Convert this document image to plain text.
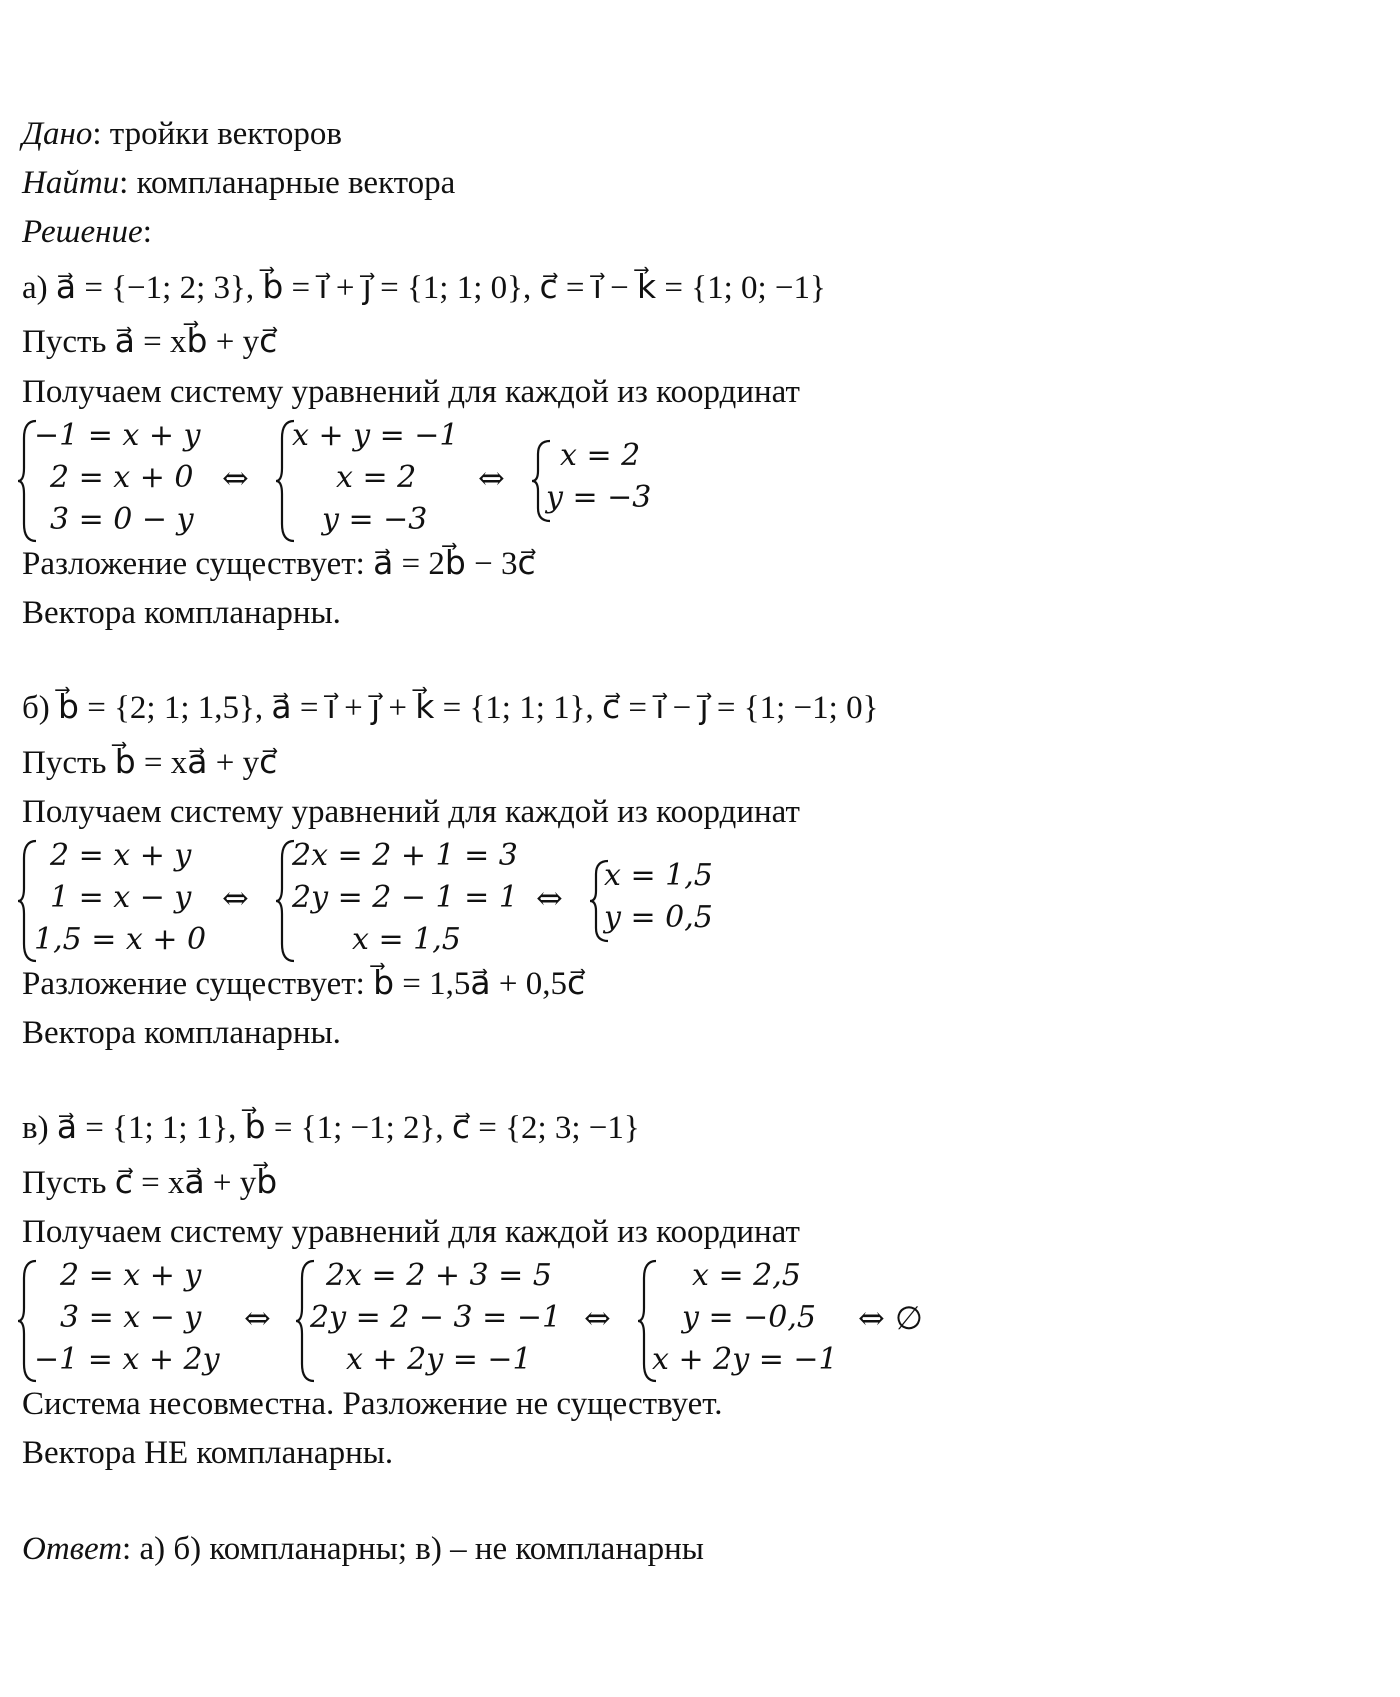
Дано: тройки векторов
Найти: компланарные вектора
Решение:
а) a⃗ = {−1; 2; 3}, b⃗ = i⃗ + j⃗ = {1; 1; 0}, c⃗ = i⃗ − k⃗ = {1; 0; −1}
Пусть a⃗ = xb⃗ + yc⃗
Получаем систему уравнений для каждой из координат
−1 = x + y
2 = x + 0
3 = 0 − y
⇔
x + y = −1
x = 2
y = −3
⇔
x = 2
y = −3
Разложение существует: a⃗ = 2b⃗ − 3c⃗
Вектора компланарны.
б) b⃗ = {2; 1; 1,5}, a⃗ = i⃗ + j⃗ + k⃗ = {1; 1; 1}, c⃗ = i⃗ − j⃗ = {1; −1; 0}
Пусть b⃗ = xa⃗ + yc⃗
Получаем систему уравнений для каждой из координат
2 = x + y
1 = x − y
1,5 = x + 0
⇔
2x = 2 + 1 = 3
2y = 2 − 1 = 1
x = 1,5
⇔
x = 1,5
y = 0,5
Разложение существует: b⃗ = 1,5a⃗ + 0,5c⃗
Вектора компланарны.
в) a⃗ = {1; 1; 1}, b⃗ = {1; −1; 2}, c⃗ = {2; 3; −1}
Пусть c⃗ = xa⃗ + yb⃗
Получаем систему уравнений для каждой из координат
2 = x + y
3 = x − y
−1 = x + 2y
⇔
2x = 2 + 3 = 5
2y = 2 − 3 = −1
x + 2y = −1
⇔
x = 2,5
y = −0,5
x + 2y = −1
⇔ ∅
Система несовместна. Разложение не существует.
Вектора НЕ компланарны.
Ответ: а) б) компланарны; в) – не компланарны
